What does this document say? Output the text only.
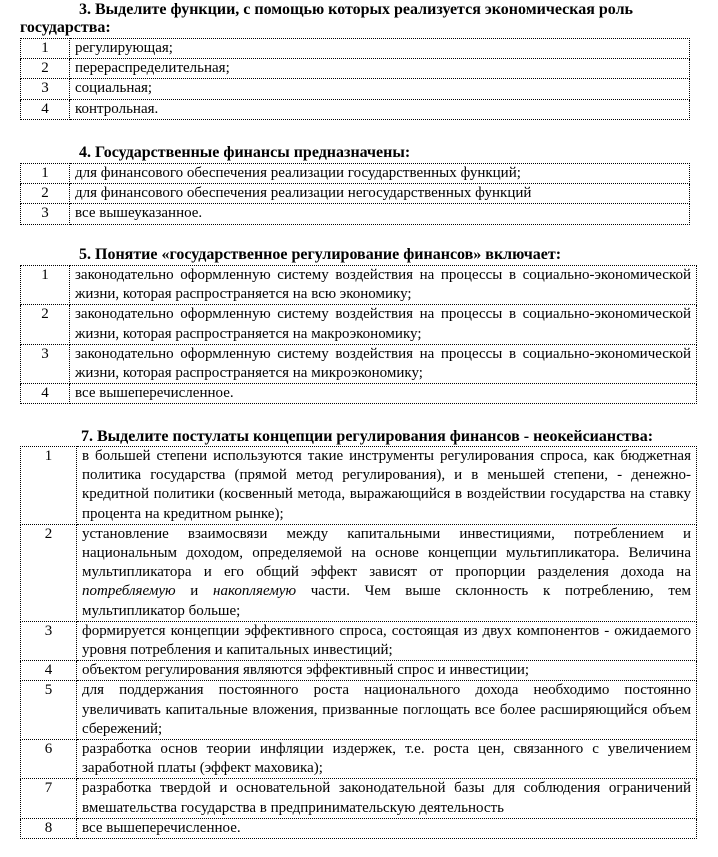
3. Выделите функции, с помощью которых реализуется экономическая роль
государства:
1	регулирующая;
2	перераспределительная;
3	социальная;
4	контрольная.
4. Государственные финансы предназначены:
1	для финансового обеспечения реализации государственных функций;
2	для финансового обеспечения реализации негосударственных функций
3	все вышеуказанное.
5. Понятие «государственное регулирование финансов» включает:
1	законодательно оформленную систему воздействия на процессы в социально-экономической жизни, которая распространяется на всю экономику;
2	законодательно оформленную систему воздействия на процессы в социально-экономической жизни, которая распространяется на макроэкономику;
3	законодательно оформленную систему воздействия на процессы в социально-экономической жизни, которая распространяется на микроэкономику;
4	все вышеперечисленное.
7. Выделите постулаты концепции регулирования финансов - неокейсианства:
1	в большей степени используются такие инструменты регулирования спроса, как бюджетная политика государства (прямой метод регулирования), и в меньшей степени, - денежно-кредитной политики (косвенный метода, выражающийся в воздействии государства на ставку процента на кредитном рынке);
2	установление взаимосвязи между капитальными инвестициями, потреблением и национальным доходом, определяемой на основе концепции мультипликатора. Величина мультипликатора и его общий эффект зависят от пропорции разделения дохода на потребляемую и накопляемую части. Чем выше склонность к потреблению, тем мультипликатор больше;
3	формируется концепции эффективного спроса, состоящая из двух компонентов - ожидаемого уровня потребления и капитальных инвестиций;
4	объектом регулирования являются эффективный спрос и инвестиции;
5	для поддержания постоянного роста национального дохода необходимо постоянно увеличивать капитальные вложения, призванные поглощать все более расширяющийся объем сбережений;
6	разработка основ теории инфляции издержек, т.е. роста цен, связанного с увеличением заработной платы (эффект маховика);
7	разработка твердой и основательной законодательной базы для соблюдения ограничений вмешательства государства в предпринимательскую деятельность
8	все вышеперечисленное.
